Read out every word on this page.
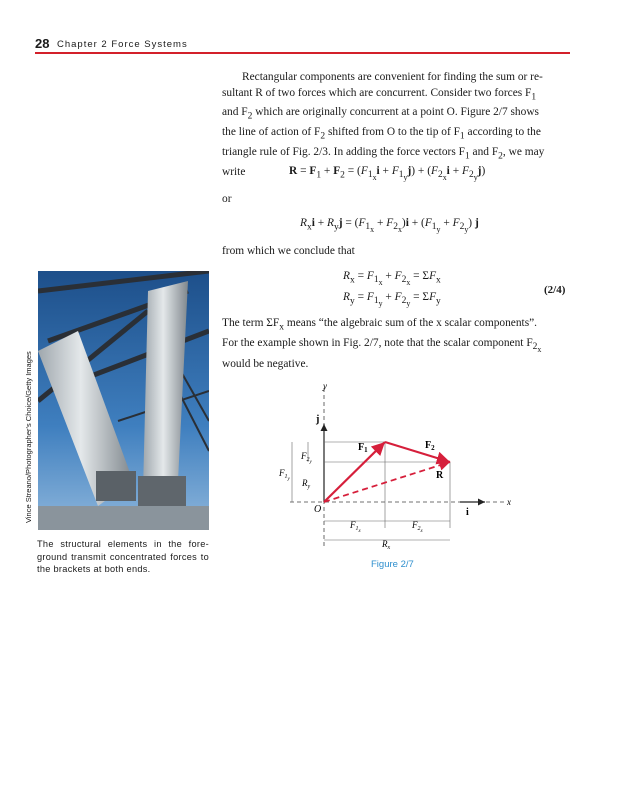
28 Chapter 2 Force Systems
Rectangular components are convenient for finding the sum or re-
sultant R of two forces which are concurrent. Consider two forces $F_1$
and $F_2$ which are originally concurrent at a point O. Figure 2/7 shows
the line of action of $F_2$ shifted from O to the tip of $F_1$ according to the
triangle rule of Fig. 2/3. In adding the force vectors $F_1$ and $F_2$, we may
write	$R = F_1 + F_2 = (F_{1_x}i + F_{1_y}j) + (F_{2_x}i + F_{2_y}j)$
or
$R_xi + R_yj = (F_{1_x} + F_{2_x})i + (F_{1_y} + F_{2_y})$ j
from which we conclude that
$R_x = F_{1_x} + F_{2_x} = \Sigma F_x$
$R_y = F_{1_y} + F_{2_y} = \Sigma F_y$
(2/4)
The term $\Sigma F_x$ means “the algebraic sum of the x scalar components”.
For the example shown in Fig. 2/7, note that the scalar component $F_{2_x}$
would be negative.
Vince Streano/Photographer's Choice/Getty Images
The structural elements in the fore-ground transmit concentrated forces to the brackets at both ends.
y
x
j
i
O
$F_1$	$F_2$
R
$F_{2y}$
$F_{1y}$ $R_y$
$F_{1x}$
$F_{2x}$
$R_x$
Figure 2/7
